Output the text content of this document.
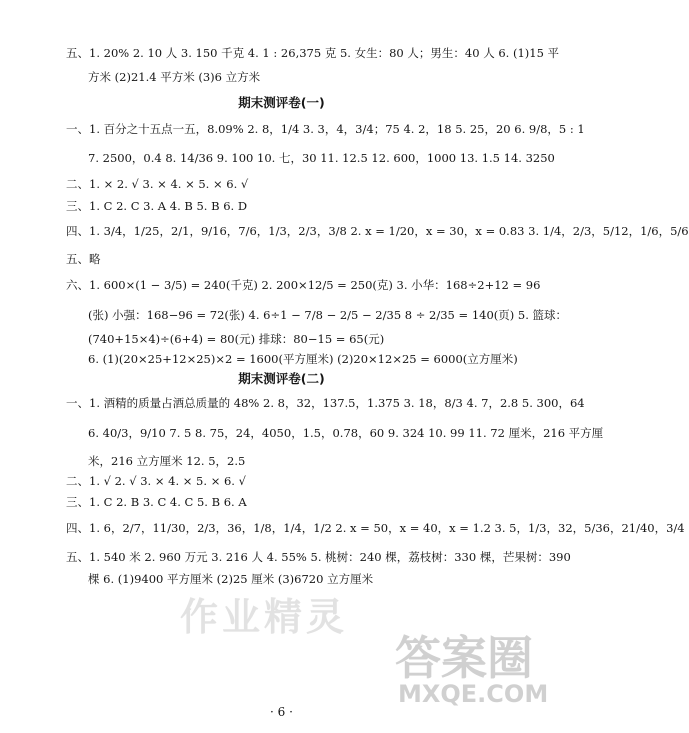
五、1. 20% 2. 10 人 3. 150 千克 4. 1 : 26,375 克 5. 女生：80 人；男生：40 人 6. (1)15 平
方米 (2)21.4 平方米 (3)6 立方米
一、1. 百分之十五点一五，8.09% 2. 8，1/4 3. 3，4，3/4；75 4. 2，18 5. 25，20 6. 9/8，5 : 1
7. 2500，0.4 8. 14/36 9. 100 10. 七，30 11. 12.5 12. 600，1000 13. 1.5 14. 3250
二、1. × 2. √ 3. × 4. × 5. × 6. √
三、1. C 2. C 3. A 4. B 5. B 6. D
四、1. 3/4，1/25，2/1，9/16，7/6，1/3，2/3，3/8 2. x = 1/20，x = 30，x = 0.83 3. 1/4，2/3，5/12，1/6，5/6
五、略
六、1. 600×(1 − 3/5) = 240(千克) 2. 200×12/5 = 250(克) 3. 小华：168÷2+12 = 96
(张) 小强：168−96 = 72(张) 4. 6÷1 − 7/8 − 2/5 − 2/35 8 ÷ 2/35 = 140(页) 5. 篮球：
(740+15×4)÷(6+4) = 80(元) 排球：80−15 = 65(元)
6. (1)(20×25+12×25)×2 = 1600(平方厘米) (2)20×12×25 = 6000(立方厘米)
一、1. 酒精的质量占酒总质量的 48% 2. 8，32，137.5，1.375 3. 18，8/3 4. 7，2.8 5. 300，64
6. 40/3，9/10 7. 5 8. 75，24，4050，1.5，0.78，60 9. 324 10. 99 11. 72 厘米，216 平方厘
米，216 立方厘米 12. 5，2.5
二、1. √ 2. √ 3. × 4. × 5. × 6. √
三、1. C 2. B 3. C 4. C 5. B 6. A
四、1. 6，2/7，11/30，2/3，36，1/8，1/4，1/2 2. x = 50，x = 40，x = 1.2 3. 5，1/3，32，5/36，21/40，3/4
五、1. 540 米 2. 960 万元 3. 216 人 4. 55% 5. 桃树：240 棵，荔枝树：330 棵，芒果树：390
棵 6. (1)9400 平方厘米 (2)25 厘米 (3)6720 立方厘米
期末测评卷(一)
期末测评卷(二)
· 6 ·
作业精灵
答案圈
MXQE.COM
